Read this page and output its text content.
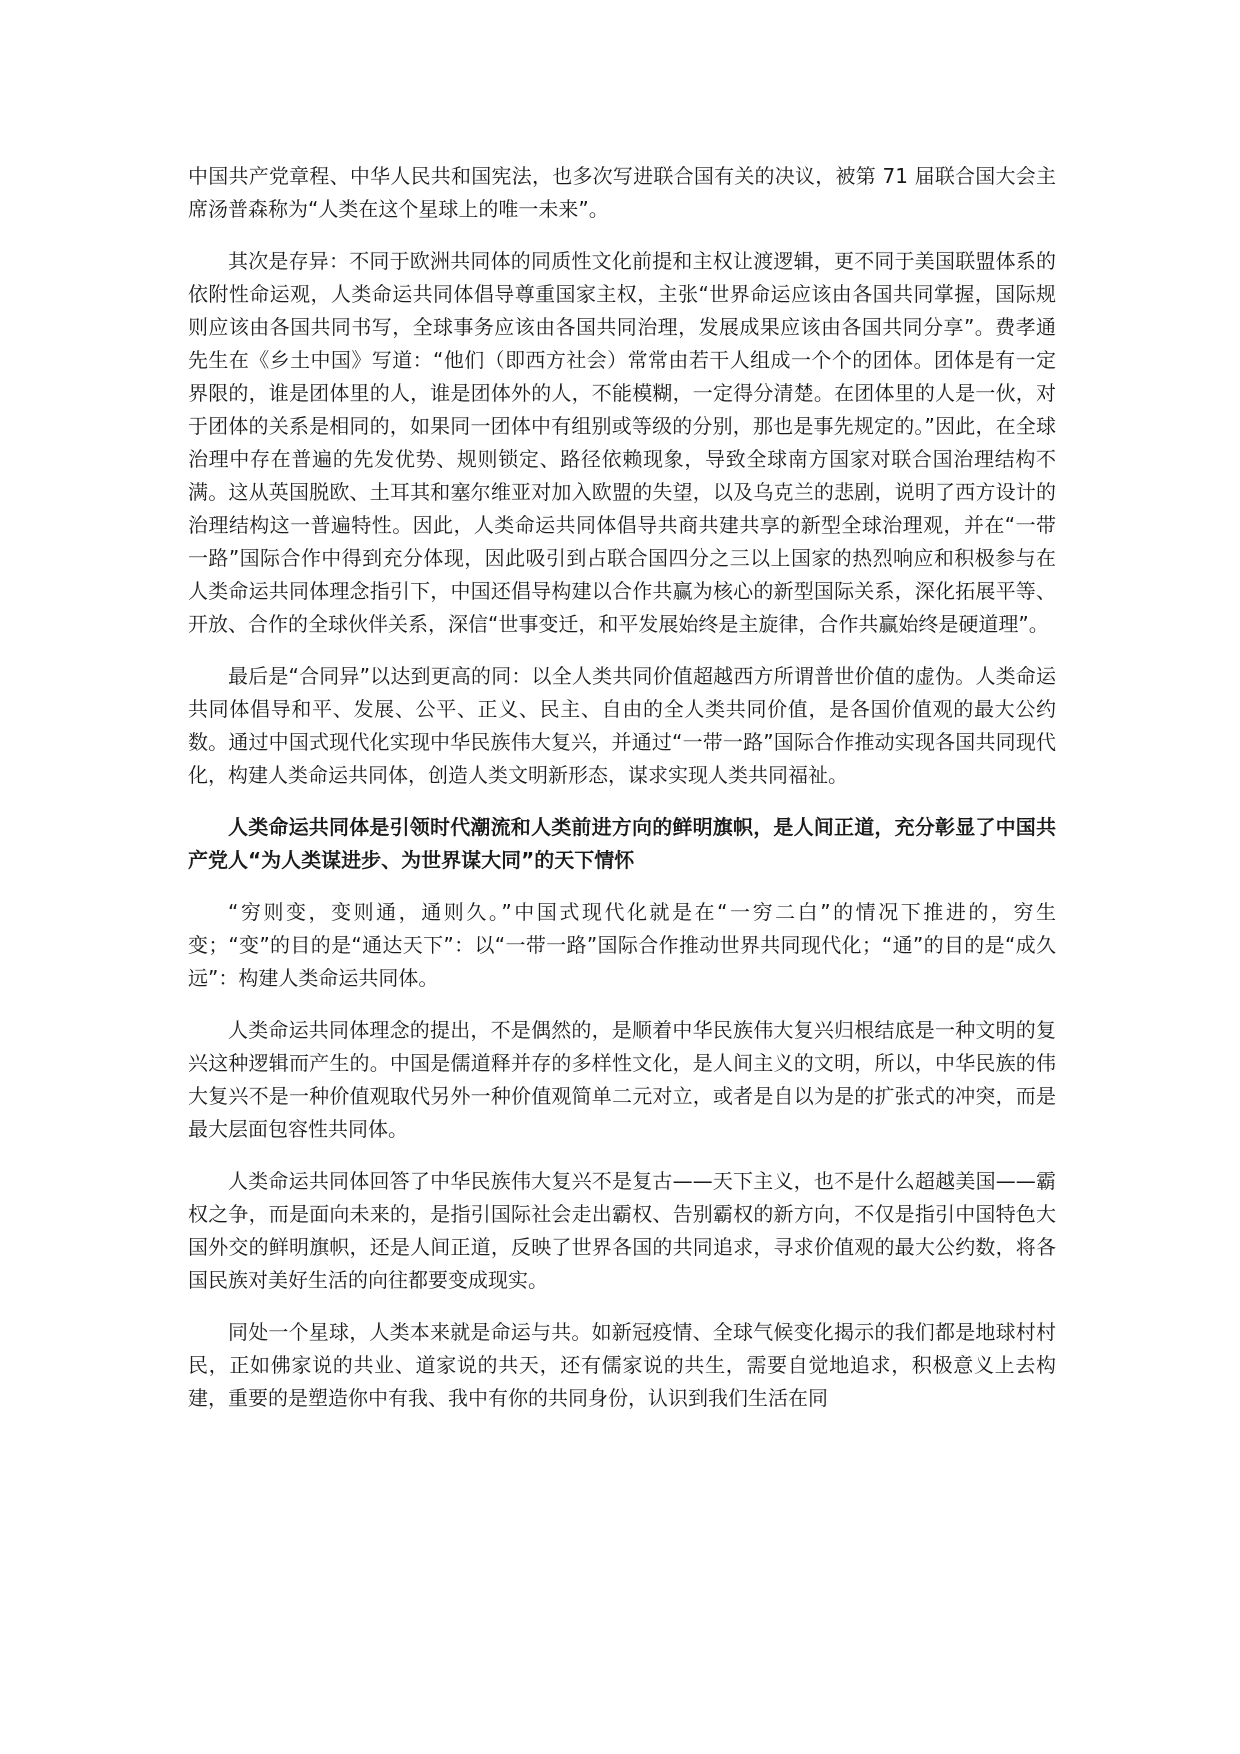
中国共产党章程、中华人民共和国宪法，也多次写进联合国有关的决议，被第 71 届联合国大会主席汤普森称为“人类在这个星球上的唯一未来”。

其次是存异：不同于欧洲共同体的同质性文化前提和主权让渡逻辑，更不同于美国联盟体系的依附性命运观，人类命运共同体倡导尊重国家主权，主张“世界命运应该由各国共同掌握，国际规则应该由各国共同书写，全球事务应该由各国共同治理，发展成果应该由各国共同分享”。费孝通先生在《乡土中国》写道：“他们（即西方社会）常常由若干人组成一个个的团体。团体是有一定界限的，谁是团体里的人，谁是团体外的人，不能模糊，一定得分清楚。在团体里的人是一伙，对于团体的关系是相同的，如果同一团体中有组别或等级的分别，那也是事先规定的。”因此，在全球治理中存在普遍的先发优势、规则锁定、路径依赖现象，导致全球南方国家对联合国治理结构不满。这从英国脱欧、土耳其和塞尔维亚对加入欧盟的失望，以及乌克兰的悲剧，说明了西方设计的治理结构这一普遍特性。因此，人类命运共同体倡导共商共建共享的新型全球治理观，并在“一带一路”国际合作中得到充分体现，因此吸引到占联合国四分之三以上国家的热烈响应和积极参与在人类命运共同体理念指引下，中国还倡导构建以合作共赢为核心的新型国际关系，深化拓展平等、开放、合作的全球伙伴关系，深信“世事变迁，和平发展始终是主旋律，合作共赢始终是硬道理”。

最后是“合同异”以达到更高的同：以全人类共同价值超越西方所谓普世价值的虚伪。人类命运共同体倡导和平、发展、公平、正义、民主、自由的全人类共同价值，是各国价值观的最大公约数。通过中国式现代化实现中华民族伟大复兴，并通过“一带一路”国际合作推动实现各国共同现代化，构建人类命运共同体，创造人类文明新形态，谋求实现人类共同福祉。

人类命运共同体是引领时代潮流和人类前进方向的鲜明旗帜，是人间正道，充分彰显了中国共产党人“为人类谋进步、为世界谋大同”的天下情怀

“穷则变，变则通，通则久。”中国式现代化就是在“一穷二白”的情况下推进的，穷生变；“变”的目的是“通达天下”：以“一带一路”国际合作推动世界共同现代化；“通”的目的是“成久远”：构建人类命运共同体。

人类命运共同体理念的提出，不是偶然的，是顺着中华民族伟大复兴归根结底是一种文明的复兴这种逻辑而产生的。中国是儒道释并存的多样性文化，是人间主义的文明，所以，中华民族的伟大复兴不是一种价值观取代另外一种价值观简单二元对立，或者是自以为是的扩张式的冲突，而是最大层面包容性共同体。

人类命运共同体回答了中华民族伟大复兴不是复古——天下主义，也不是什么超越美国——霸权之争，而是面向未来的，是指引国际社会走出霸权、告别霸权的新方向，不仅是指引中国特色大国外交的鲜明旗帜，还是人间正道，反映了世界各国的共同追求，寻求价值观的最大公约数，将各国民族对美好生活的向往都要变成现实。

同处一个星球，人类本来就是命运与共。如新冠疫情、全球气候变化揭示的我们都是地球村村民，正如佛家说的共业、道家说的共天，还有儒家说的共生，需要自觉地追求，积极意义上去构建，重要的是塑造你中有我、我中有你的共同身份，认识到我们生活在同
